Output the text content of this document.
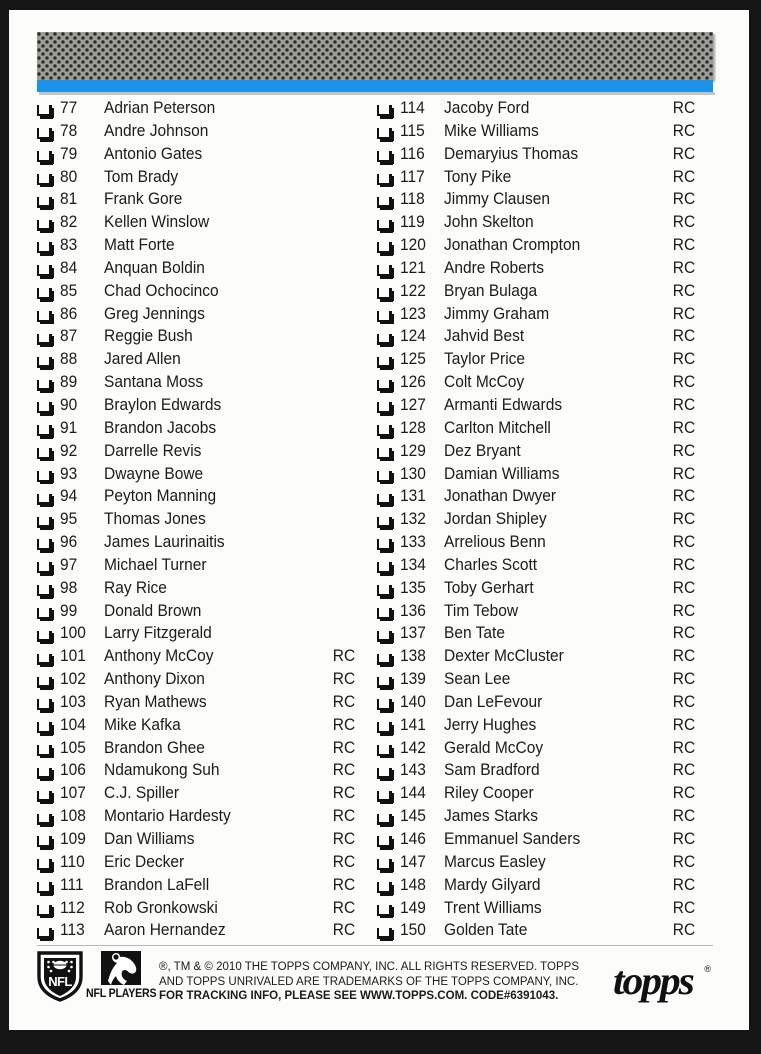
77	Adrian Peterson
78	Andre Johnson
79	Antonio Gates
80	Tom Brady
81	Frank Gore
82	Kellen Winslow
83	Matt Forte
84	Anquan Boldin
85	Chad Ochocinco
86	Greg Jennings
87	Reggie Bush
88	Jared Allen
89	Santana Moss
90	Braylon Edwards
91	Brandon Jacobs
92	Darrelle Revis
93	Dwayne Bowe
94	Peyton Manning
95	Thomas Jones
96	James Laurinaitis
97	Michael Turner
98	Ray Rice
99	Donald Brown
100	Larry Fitzgerald
101	Anthony McCoy	RC
102	Anthony Dixon	RC
103	Ryan Mathews	RC
104	Mike Kafka	RC
105	Brandon Ghee	RC
106	Ndamukong Suh	RC
107	C.J. Spiller	RC
108	Montario Hardesty	RC
109	Dan Williams	RC
110	Eric Decker	RC
111	Brandon LaFell	RC
112	Rob Gronkowski	RC
113	Aaron Hernandez	RC
114	Jacoby Ford	RC
115	Mike Williams	RC
116	Demaryius Thomas	RC
117	Tony Pike	RC
118	Jimmy Clausen	RC
119	John Skelton	RC
120	Jonathan Crompton	RC
121	Andre Roberts	RC
122	Bryan Bulaga	RC
123	Jimmy Graham	RC
124	Jahvid Best	RC
125	Taylor Price	RC
126	Colt McCoy	RC
127	Armanti Edwards	RC
128	Carlton Mitchell	RC
129	Dez Bryant	RC
130	Damian Williams	RC
131	Jonathan Dwyer	RC
132	Jordan Shipley	RC
133	Arrelious Benn	RC
134	Charles Scott	RC
135	Toby Gerhart	RC
136	Tim Tebow	RC
137	Ben Tate	RC
138	Dexter McCluster	RC
139	Sean Lee	RC
140	Dan LeFevour	RC
141	Jerry Hughes	RC
142	Gerald McCoy	RC
143	Sam Bradford	RC
144	Riley Cooper	RC
145	James Starks	RC
146	Emmanuel Sanders	RC
147	Marcus Easley	RC
148	Mardy Gilyard	RC
149	Trent Williams	RC
150	Golden Tate	RC
NFL
NFL PLAYERS
®, TM & © 2010 THE TOPPS COMPANY, INC. ALL RIGHTS RESERVED. TOPPS
AND TOPPS UNRIVALED ARE TRADEMARKS OF THE TOPPS COMPANY, INC.
FOR TRACKING INFO, PLEASE SEE WWW.TOPPS.COM. CODE#6391043.	topps ®
